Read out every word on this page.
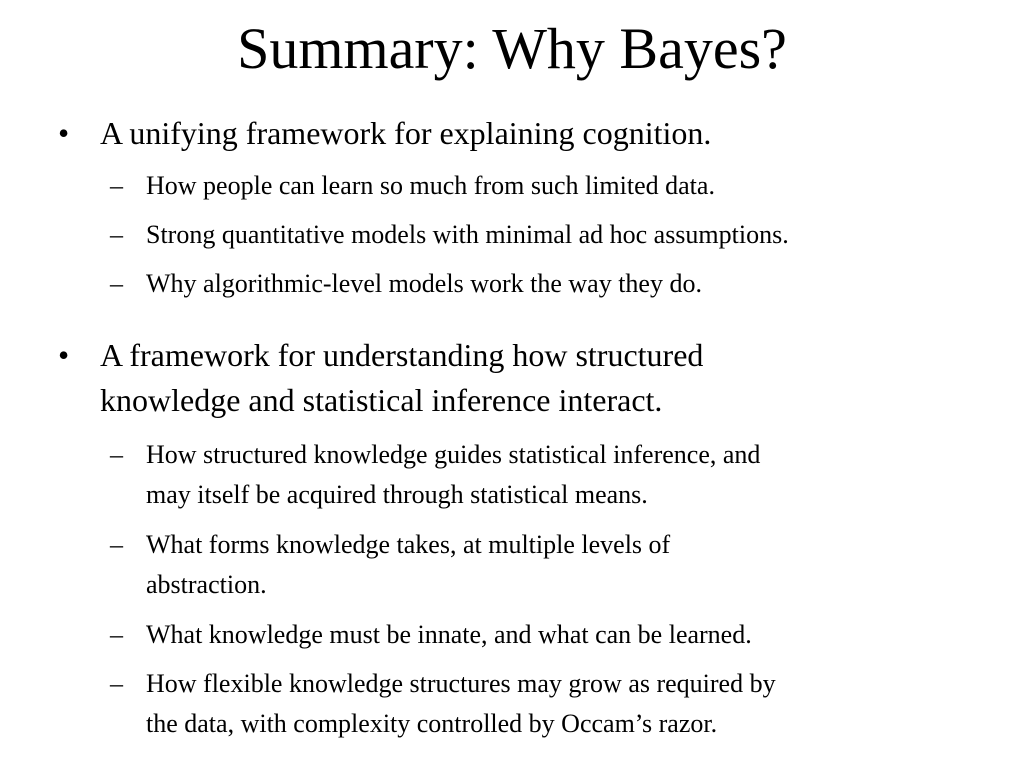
Summary: Why Bayes?
• A unifying framework for explaining cognition.
– How people can learn so much from such limited data.
– Strong quantitative models with minimal ad hoc assumptions.
– Why algorithmic-level models work the way they do.
• A framework for understanding how structured
knowledge and statistical inference interact.
– How structured knowledge guides statistical inference, and
may itself be acquired through statistical means.
– What forms knowledge takes, at multiple levels of
abstraction.
– What knowledge must be innate, and what can be learned.
– How flexible knowledge structures may grow as required by
the data, with complexity controlled by Occam’s razor.
